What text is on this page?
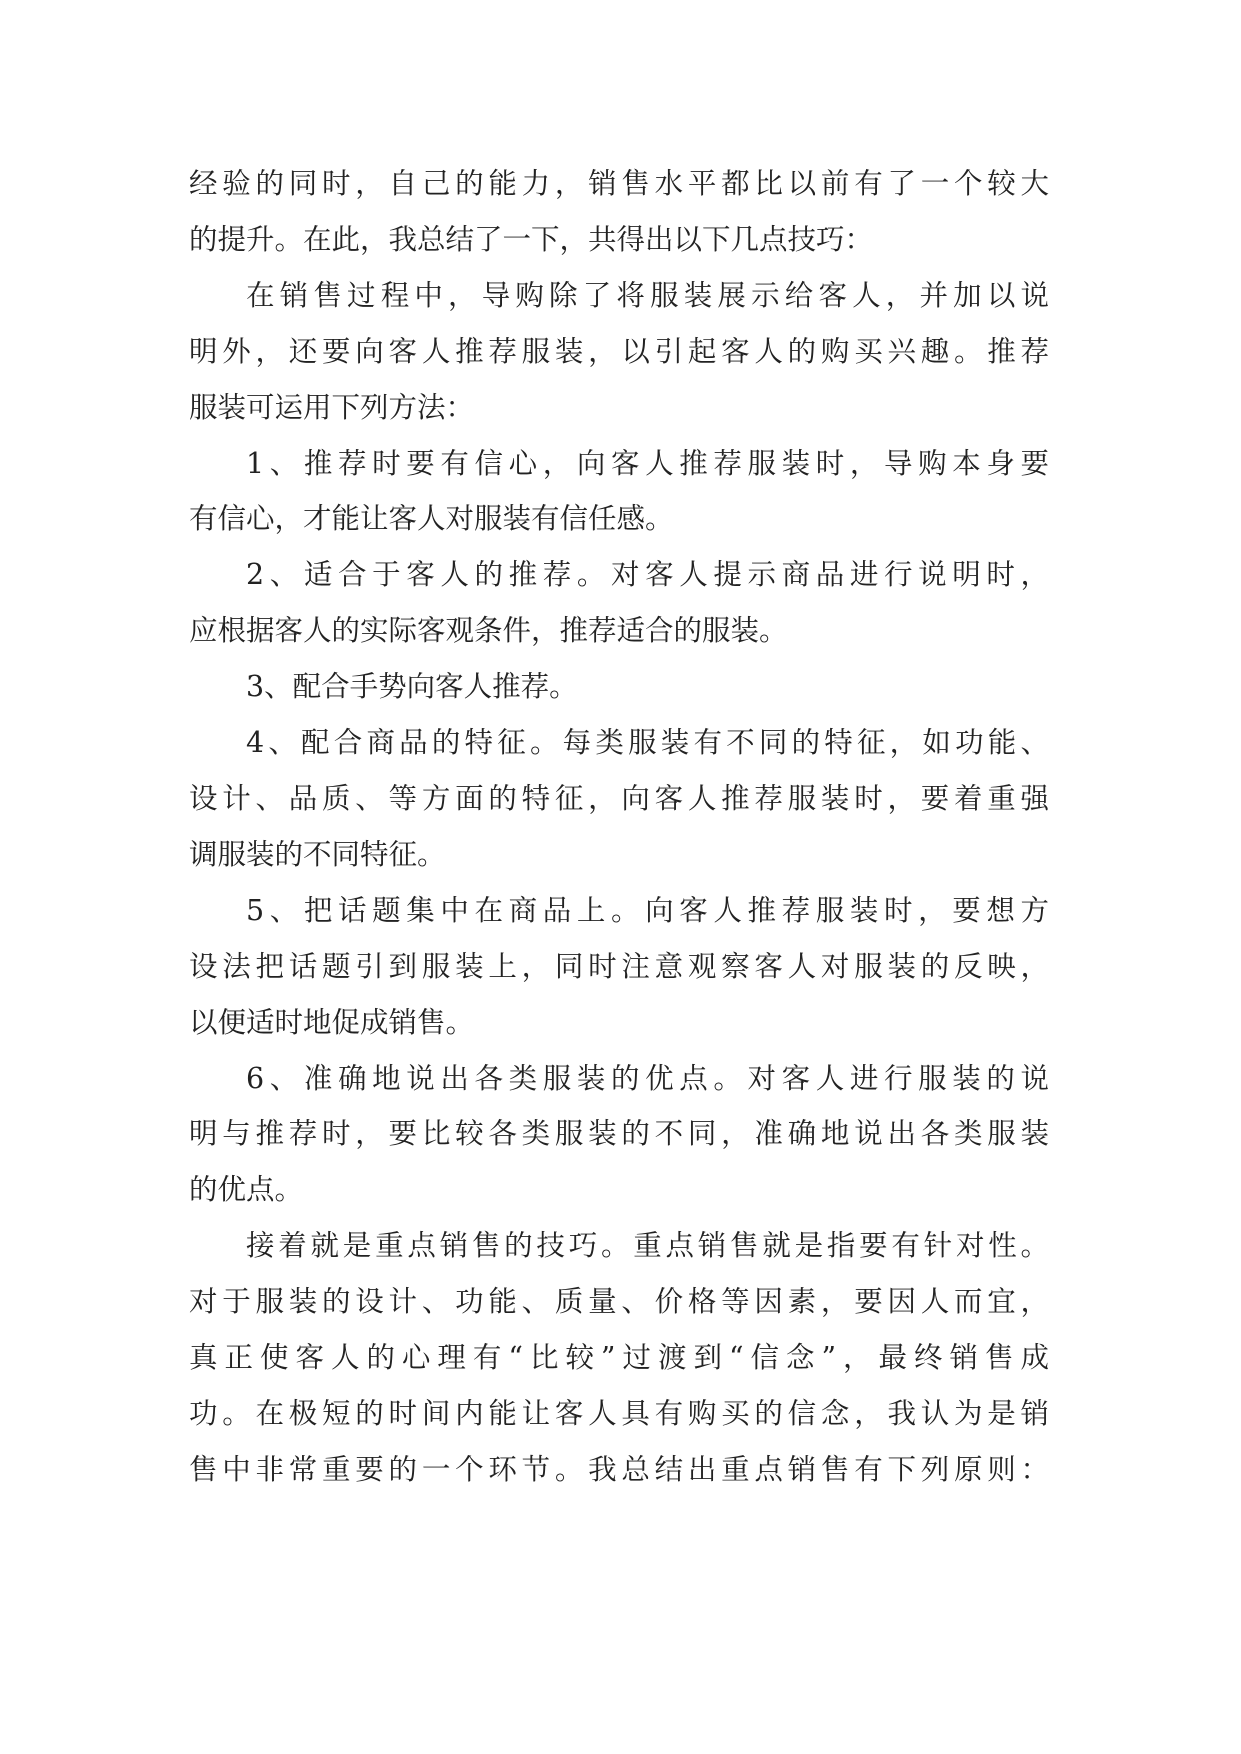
经验的同时，自己的能力，销售水平都比以前有了一个较大
的提升。在此，我总结了一下，共得出以下几点技巧：
在销售过程中，导购除了将服装展示给客人，并加以说
明外，还要向客人推荐服装，以引起客人的购买兴趣。推荐
服装可运用下列方法：
1、推荐时要有信心，向客人推荐服装时，导购本身要
有信心，才能让客人对服装有信任感。
2、适合于客人的推荐。对客人提示商品进行说明时，
应根据客人的实际客观条件，推荐适合的服装。
3、配合手势向客人推荐。
4、配合商品的特征。每类服装有不同的特征，如功能、
设计、品质、等方面的特征，向客人推荐服装时，要着重强
调服装的不同特征。
5、把话题集中在商品上。向客人推荐服装时，要想方
设法把话题引到服装上，同时注意观察客人对服装的反映，
以便适时地促成销售。
6、准确地说出各类服装的优点。对客人进行服装的说
明与推荐时，要比较各类服装的不同，准确地说出各类服装
的优点。
接着就是重点销售的技巧。重点销售就是指要有针对性。
对于服装的设计、功能、质量、价格等因素，要因人而宜，
真正使客人的心理有“比较”过渡到“信念”，最终销售成
功。在极短的时间内能让客人具有购买的信念，我认为是销
售中非常重要的一个环节。我总结出重点销售有下列原则：
